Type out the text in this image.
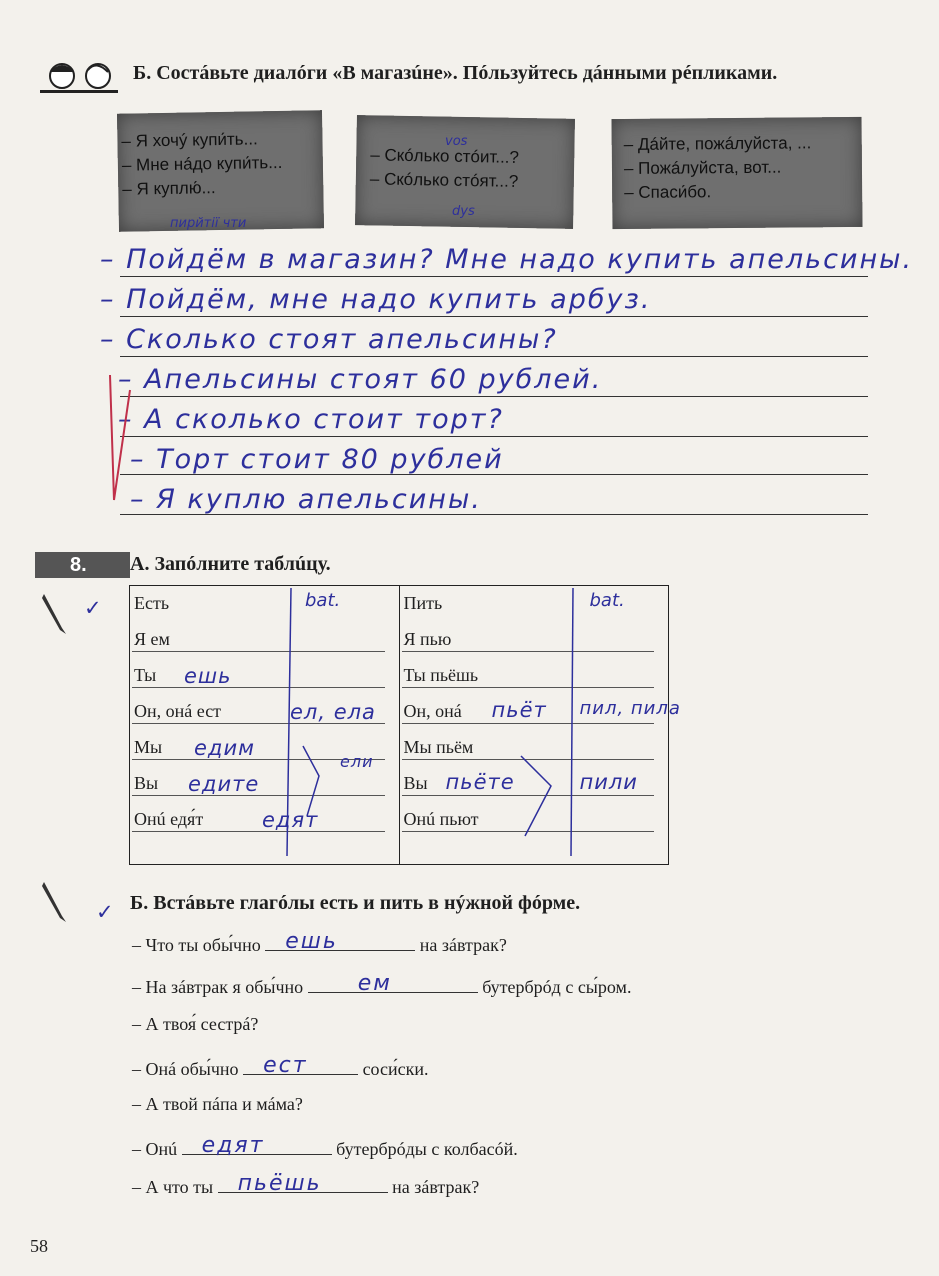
Б. Состáвьте диалóги «В магазúне». Пóльзуйтесь дáнными рéпликами.
– Я хочý купи́ть...
– Мне нáдо купи́ть...
– Я куплю́...
– Скóлько стóит...?
– Скóлько стóят...?
– Дáйте, пожáлуйста, ...
– Пожáлуйста, вот...
– Спаси́бо.
пирйтії чти
vos
dys
– Пойдём в магазин? Мне надо купить апельсины.
– Пойдём, мне надо купить арбуз.
– Сколько стоят апельсины?
– Апельсины стоят 60 рублей.
– А сколько стоит торт?
– Торт стоит 80 рублей
– Я куплю апельсины.
8.	А. Запóлните таблúцу.
✓ Есть	bat.
Я ем
Ты ешь
Он, онá ест	ел, ела
Мы едим
Вы едите
ели
Онú едя́т	едят

Пить	bat.
Я пью
Ты пьёшь
Он, онá пьёт пил, пила
Мы пьём
Вы пьёте	пили
Онú пьют
✓ Б. Встáвьте глагóлы есть и пить в нýжной фóрме.
– Что ты обы́чно ешь	на зáвтрак?
– На зáвтрак я обы́чно ем	бутербрóд с сы́ром.
– А твоя́ сестрá?
– Онá обы́чно ест	соси́ски.
– А твой пáпа и мáма?
– Онú едят	бутербрóды с колбасóй.
– А что ты пьёшь	на зáвтрак?
58
